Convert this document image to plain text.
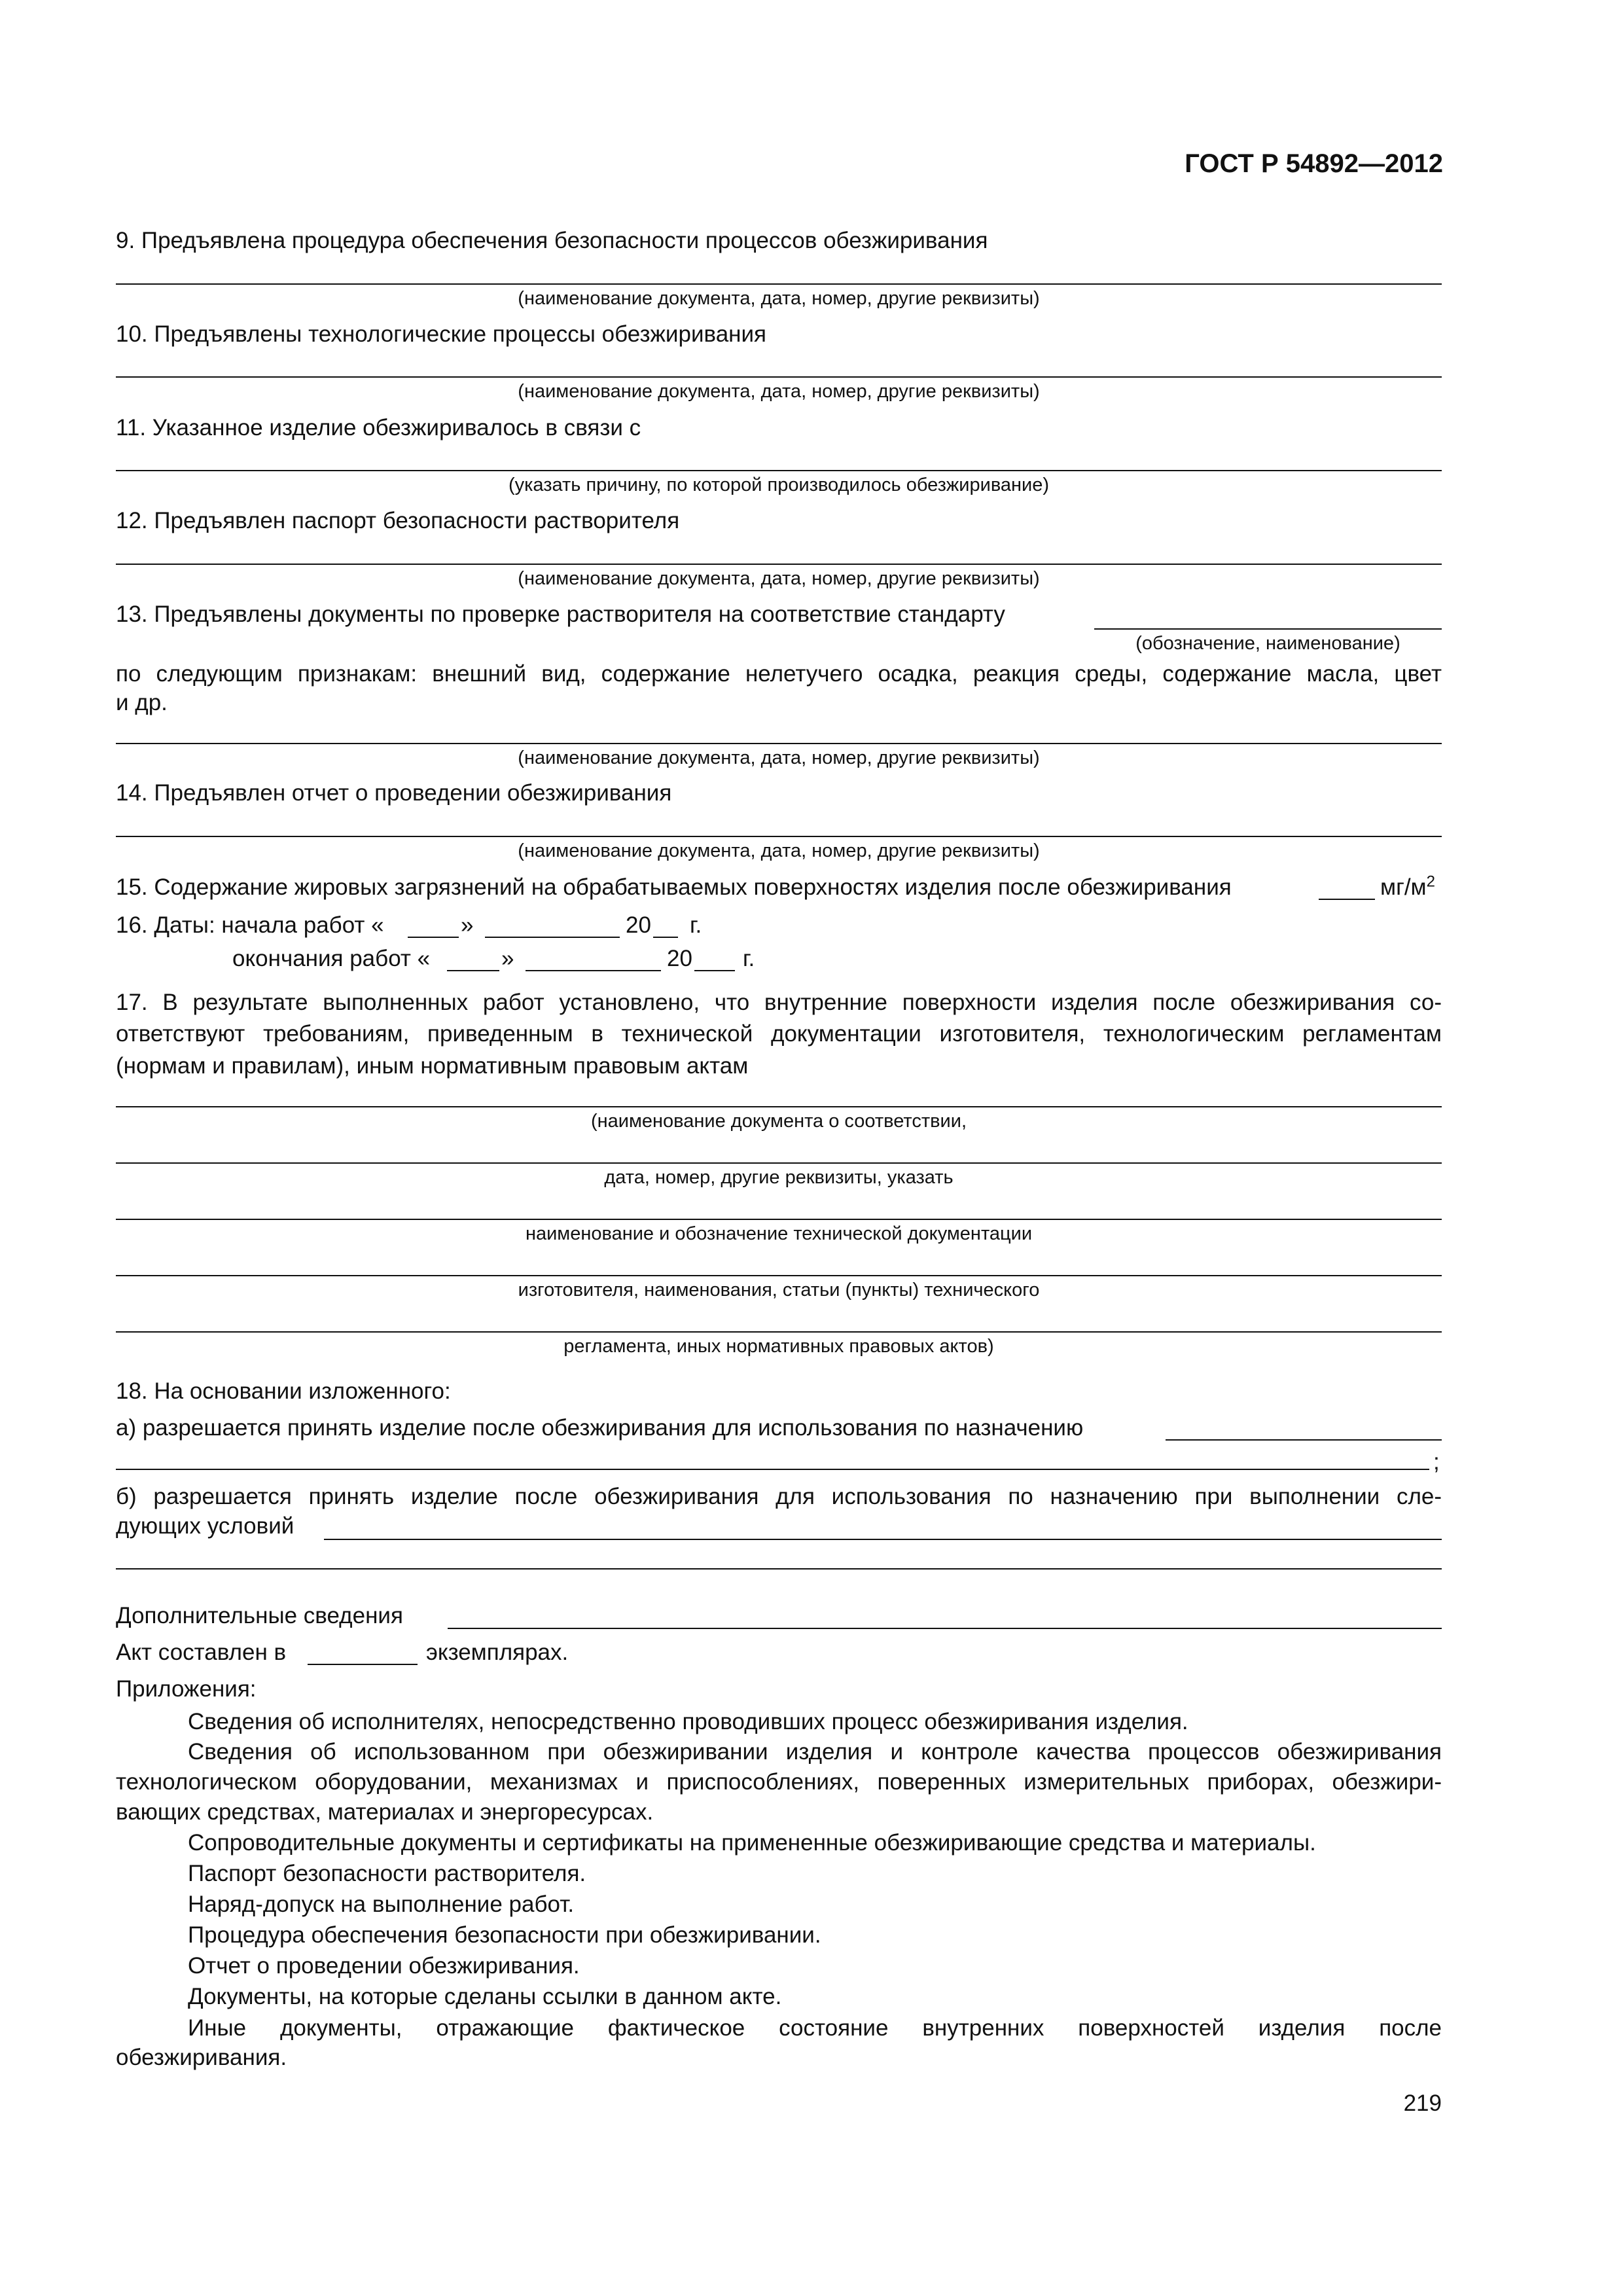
ГОСТ Р 54892—2012
9. Предъявлена процедура обеспечения безопасности процессов обезжиривания
(наименование документа, дата, номер, другие реквизиты)
10. Предъявлены технологические процессы обезжиривания
(наименование документа, дата, номер, другие реквизиты)
11. Указанное изделие обезжиривалось в связи с
(указать причину, по которой производилось обезжиривание)
12. Предъявлен паспорт безопасности растворителя
(наименование документа, дата, номер, другие реквизиты)
13. Предъявлены документы по проверке растворителя на соответствие стандарту
(обозначение, наименование)
по следующим признакам: внешний вид, содержание нелетучего осадка, реакция среды, содержание масла, цвет
и др.
(наименование документа, дата, номер, другие реквизиты)
14. Предъявлен отчет о проведении обезжиривания
(наименование документа, дата, номер, другие реквизиты)
15. Содержание жировых загрязнений на обрабатываемых поверхностях изделия после обезжиривания	$мг/м^2$
16. Даты: начала работ «	»	20 г.
окончания работ «	»	20 г.
17. В результате выполненных работ установлено, что внутренние поверхности изделия после обезжиривания со-
ответствуют требованиям, приведенным в технической документации изготовителя, технологическим регламентам
(нормам и правилам), иным нормативным правовым актам
(наименование документа о соответствии,
дата, номер, другие реквизиты, указать
наименование и обозначение технической документации
изготовителя, наименования, статьи (пункты) технического
регламента, иных нормативных правовых актов)
18. На основании изложенного:
а) разрешается принять изделие после обезжиривания для использования по назначению
;
б) разрешается принять изделие после обезжиривания для использования по назначению при выполнении сле-
дующих условий
Дополнительные сведения
Акт составлен в	экземплярах.
Приложения:
Сведения об исполнителях, непосредственно проводивших процесс обезжиривания изделия.
Сведения об использованном при обезжиривании изделия и контроле качества процессов обезжиривания
технологическом оборудовании, механизмах и приспособлениях, поверенных измерительных приборах, обезжири-
вающих средствах, материалах и энергоресурсах.
Сопроводительные документы и сертификаты на примененные обезжиривающие средства и материалы.
Паспорт безопасности растворителя.
Наряд-допуск на выполнение работ.
Процедура обеспечения безопасности при обезжиривании.
Отчет о проведении обезжиривания.
Документы, на которые сделаны ссылки в данном акте.
Иные документы, отражающие фактическое состояние внутренних поверхностей изделия после
обезжиривания.
219
